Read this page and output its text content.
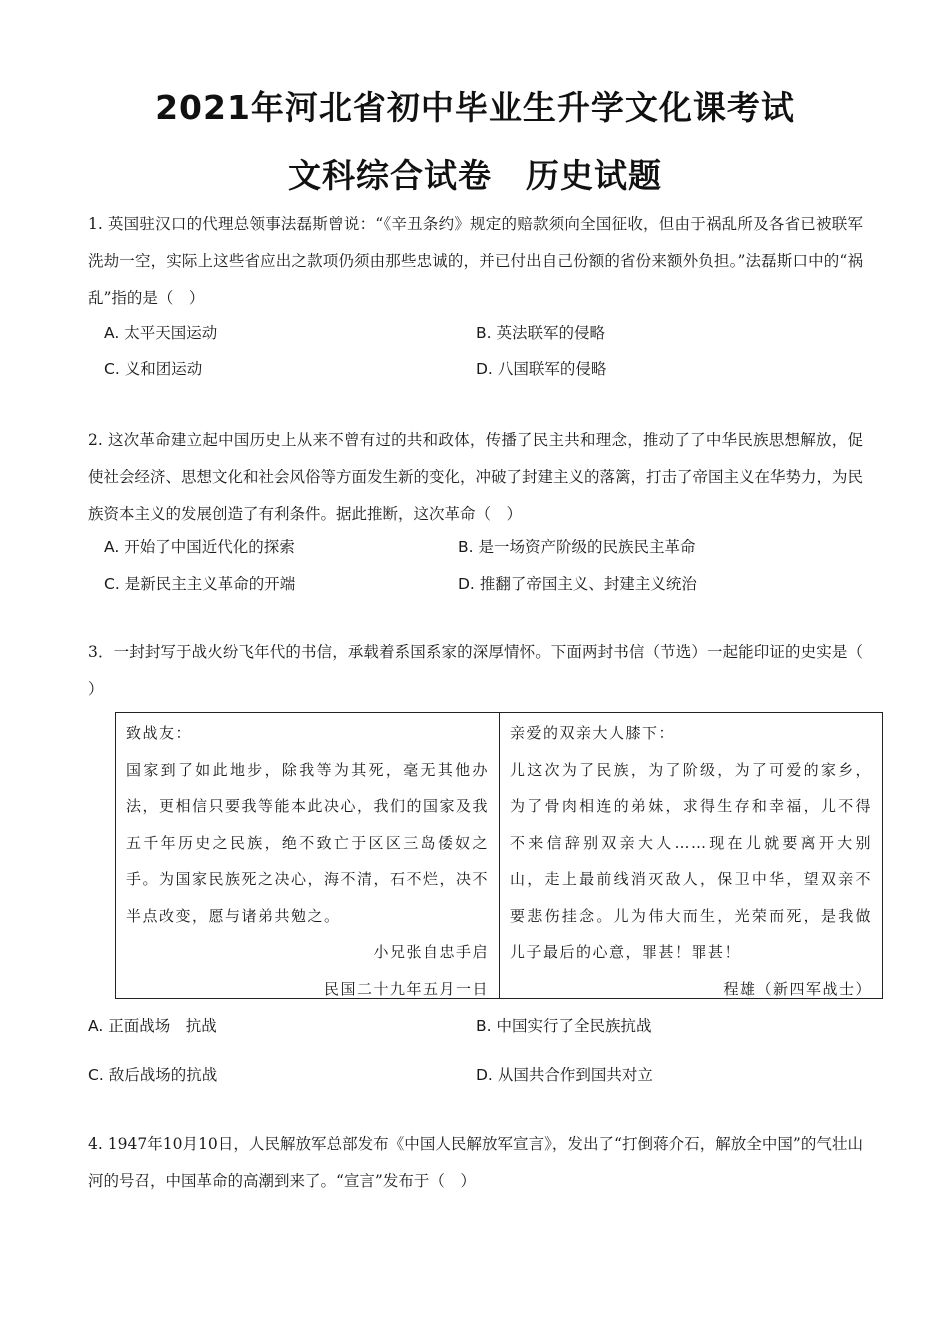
2021年河北省初中毕业生升学文化课考试
文科综合试卷 历史试题
1. 英国驻汉口的代理总领事法磊斯曾说：“《辛丑条约》规定的赔款须向全国征收，但由于祸乱所及各省已被联军洗劫一空，实际上这些省应出之款项仍须由那些忠诚的，并已付出自己份额的省份来额外负担。”法磊斯口中的“祸乱”指的是（　）
A. 太平天国运动	B. 英法联军的侵略
C. 义和团运动	D. 八国联军的侵略
2. 这次革命建立起中国历史上从来不曾有过的共和政体，传播了民主共和理念，推动了了中华民族思想解放，促使社会经济、思想文化和社会风俗等方面发生新的变化，冲破了封建主义的落篱，打击了帝国主义在华势力，为民族资本主义的发展创造了有利条件。据此推断，这次革命（　）
A. 开始了中国近代化的探索	B. 是一场资产阶级的民族民主革命
C. 是新民主主义革命的开端	D. 推翻了帝国主义、封建主义统治
3．一封封写于战火纷飞年代的书信，承载着系国系家的深厚情怀。下面两封书信（节选）一起能印证的史实是（ ）
致战友：
国家到了如此地步，除我等为其死，毫无其他办法，更相信只要我等能本此决心，我们的国家及我五千年历史之民族，绝不致亡于区区三岛倭奴之手。为国家民族死之决心，海不清，石不烂，决不半点改变，愿与诸弟共勉之。
小兄张自忠手启
民国二十九年五月一日
亲爱的双亲大人膝下：
儿这次为了民族，为了阶级，为了可爱的家乡，为了骨肉相连的弟妹，求得生存和幸福，儿不得不来信辞别双亲大人……现在儿就要离开大别山，走上最前线消灭敌人，保卫中华，望双亲不要悲伤挂念。儿为伟大而生，光荣而死，是我做儿子最后的心意，罪甚！罪甚！
程雄（新四军战士）
A. 正面战场　抗战	B. 中国实行了全民族抗战
C. 敌后战场的抗战	D. 从国共合作到国共对立
4. 1947年10月10日，人民解放军总部发布《中国人民解放军宣言》，发出了“打倒蒋介石，解放全中国”的气壮山河的号召，中国革命的高潮到来了。“宣言”发布于（　）
